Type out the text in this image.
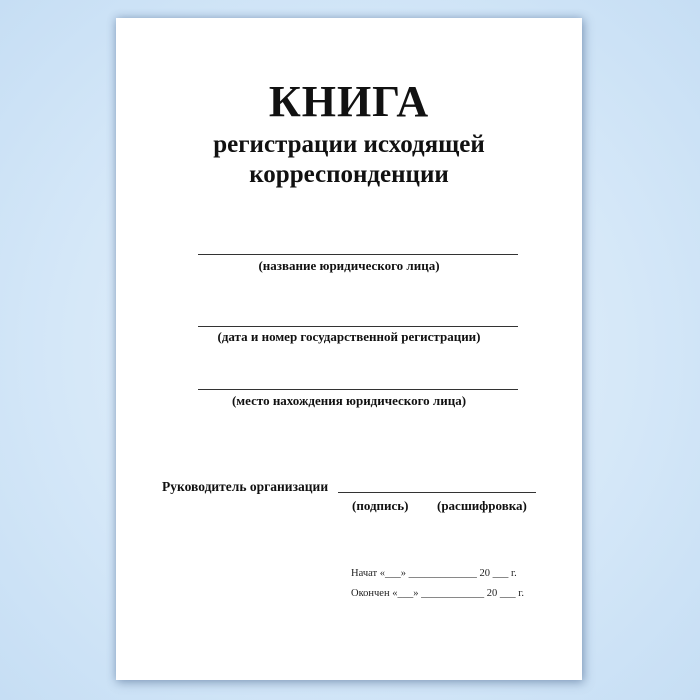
КНИГА
регистрации исходящей
корреспонденции
(название юридического лица)
(дата и номер государственной регистрации)
(место нахождения юридического лица)
Руководитель организации
(подпись) (расшифровка)
Начат «___» _____________ 20 ___ г.
Окончен «___» ____________ 20 ___ г.
